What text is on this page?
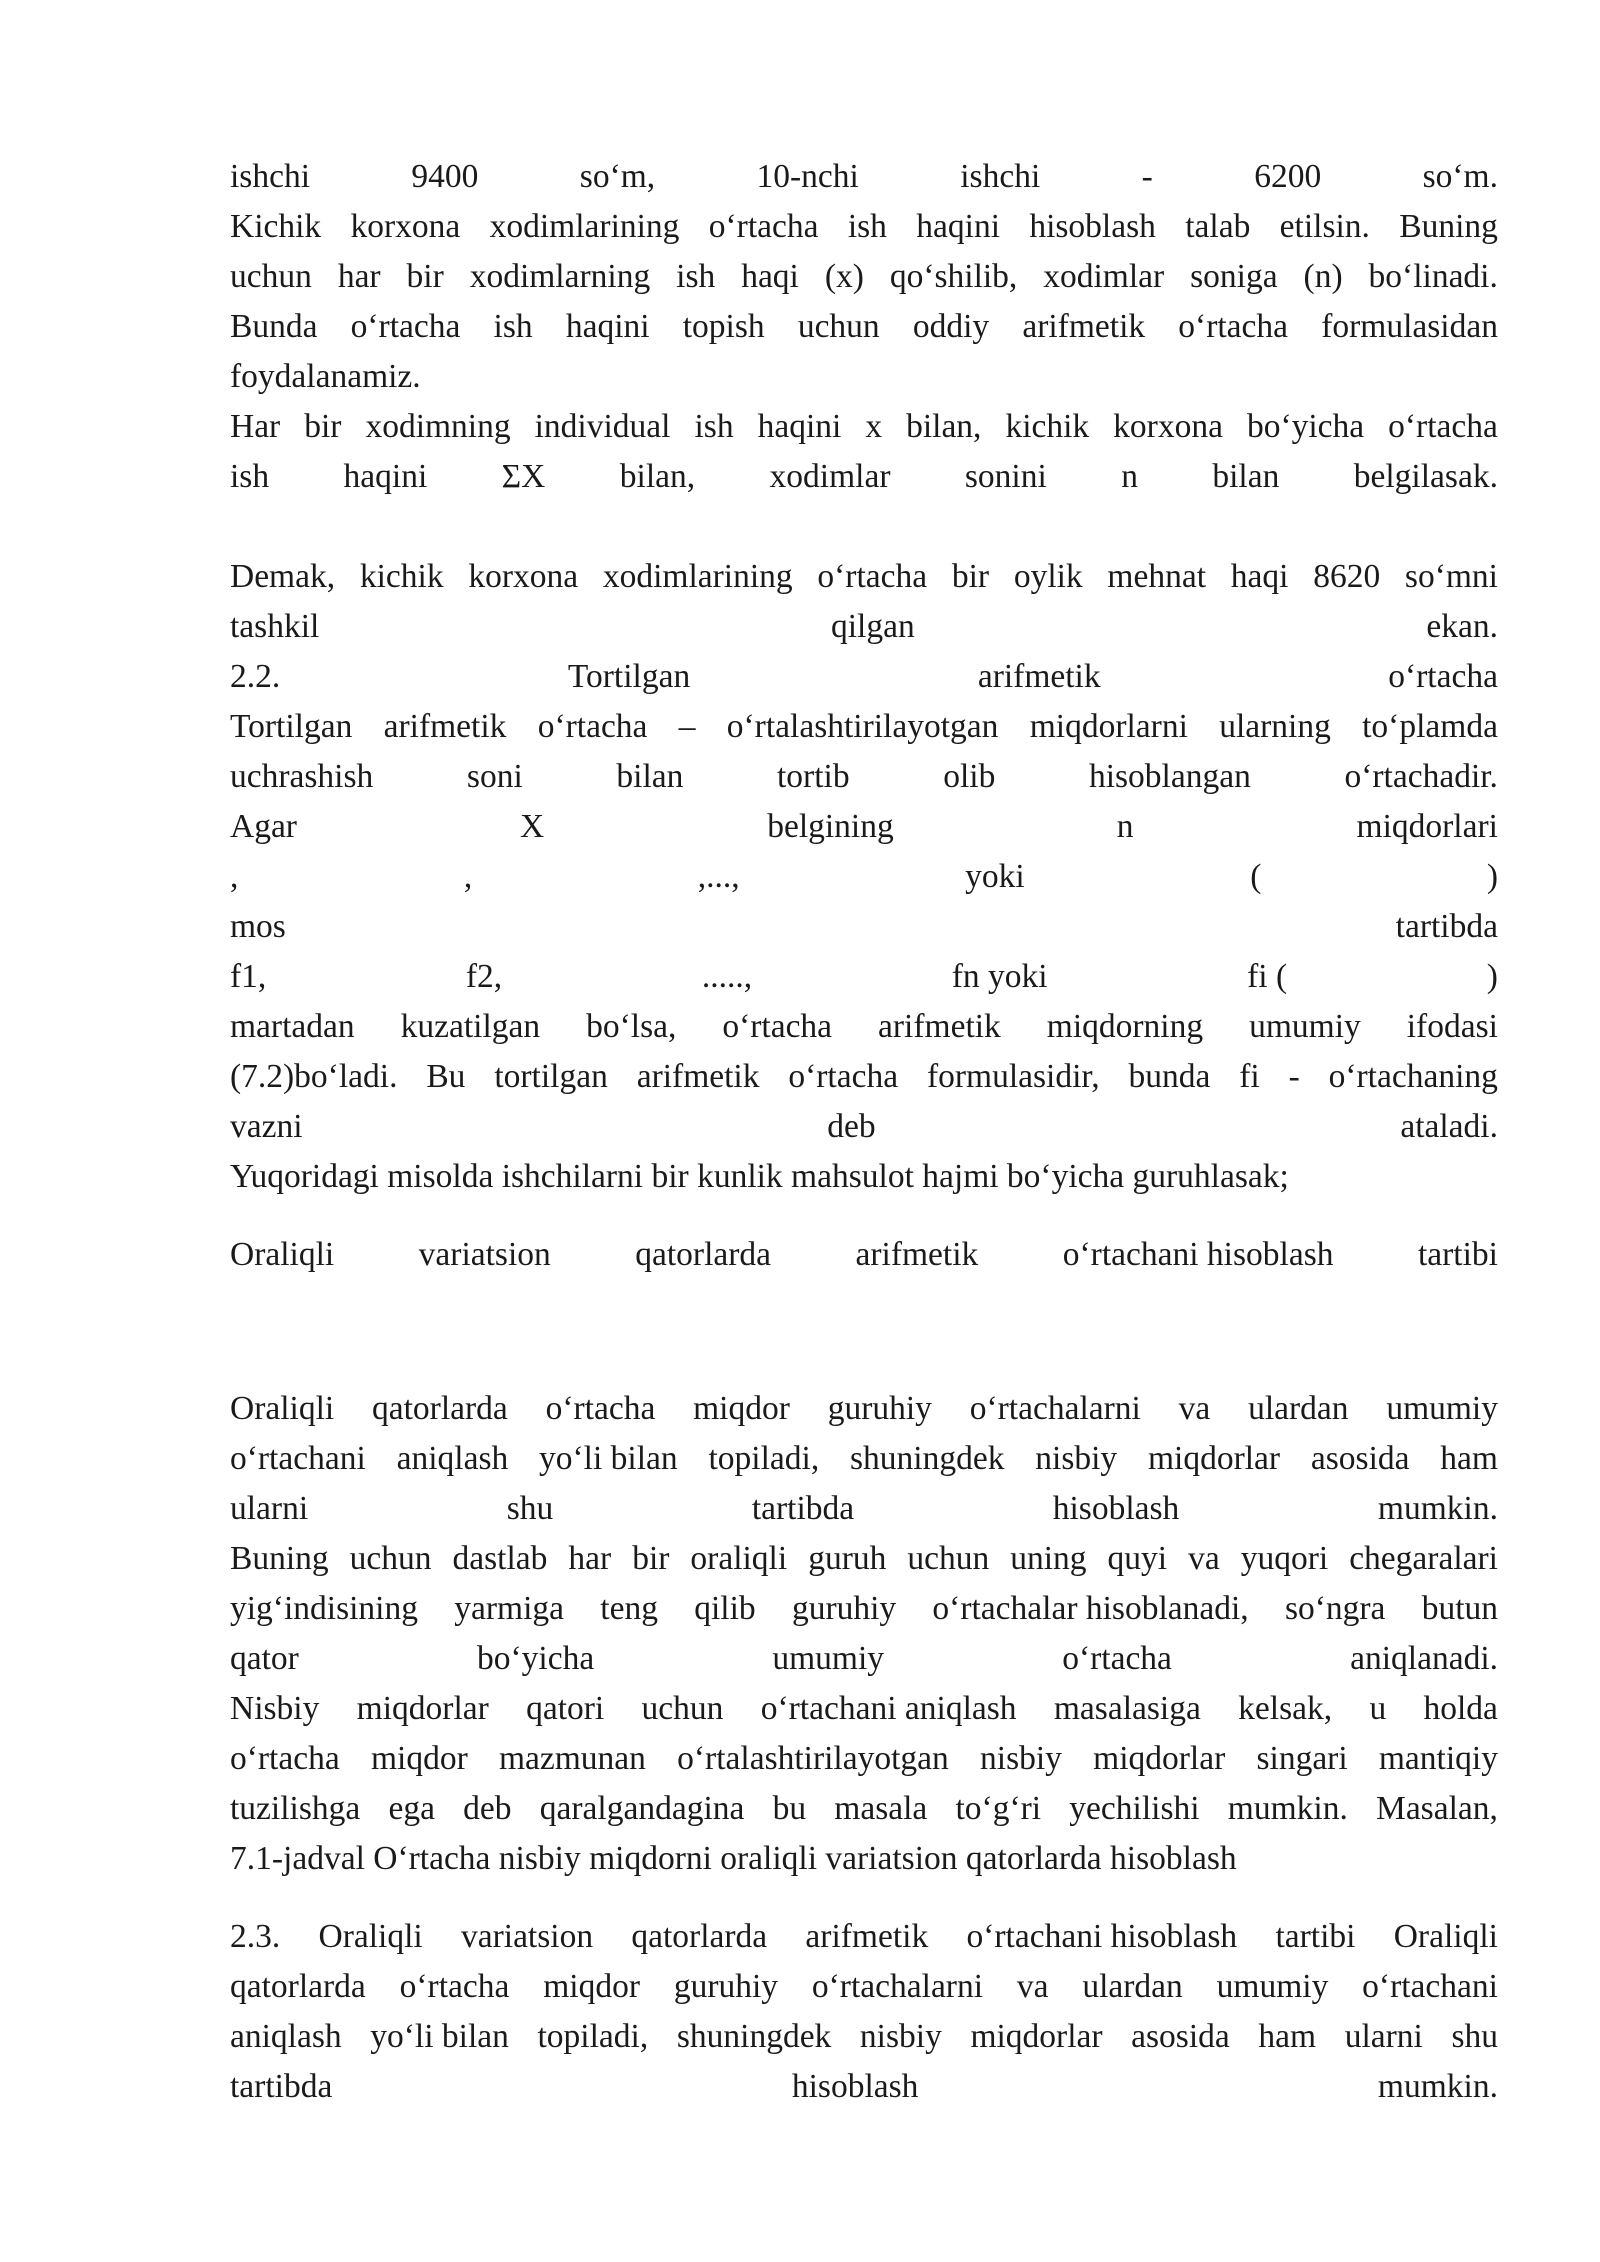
ishchi	9400	so‘m,	10-nchi	ishchi	-	6200	so‘m.
Kichik korxona xodimlarining o‘rtacha ish haqini hisoblash talab etilsin. Buning
uchun har bir xodimlarning ish haqi (x) qo‘shilib, xodimlar soniga (n) bo‘linadi.
Bunda o‘rtacha ish haqini topish uchun oddiy arifmetik o‘rtacha formulasidan
foydalanamiz.
Har bir xodimning individual ish haqini x bilan, kichik korxona bo‘yicha o‘rtacha
ish haqini ΣX bilan, xodimlar sonini n bilan belgilasak.
Demak, kichik korxona xodimlarining o‘rtacha bir oylik mehnat haqi 8620 so‘mni
tashkil	qilgan	ekan.
2.2.	Tortilgan	arifmetik	o‘rtacha
Tortilgan arifmetik o‘rtacha – o‘rtalashtirilayotgan miqdorlarni ularning to‘plamda
uchrashish	soni	bilan	tortib	olib	hisoblangan	o‘rtachadir.
Agar	X	belgining	n	miqdorlari
,	,	,...,	yoki	(	)
mos	tartibda
f1,	f2,	.....,	fn yoki	fi (	)
martadan kuzatilgan bo‘lsa, o‘rtacha arifmetik miqdorning umumiy ifodasi
(7.2)bo‘ladi. Bu tortilgan arifmetik o‘rtacha formulasidir, bunda fi - o‘rtachaning
vazni	deb	ataladi.
Yuqoridagi misolda ishchilarni bir kunlik mahsulot hajmi bo‘yicha guruhlasak;
Oraliqli	variatsion	qatorlarda	arifmetik	o‘rtachani hisoblash	tartibi
Oraliqli qatorlarda o‘rtacha miqdor guruhiy o‘rtachalarni va ulardan umumiy
o‘rtachani aniqlash yo‘li bilan topiladi, shuningdek nisbiy miqdorlar asosida ham
ularni	shu	tartibda	hisoblash	mumkin.
Buning uchun dastlab har bir oraliqli guruh uchun uning quyi va yuqori chegaralari
yig‘indisining yarmiga teng qilib guruhiy o‘rtachalar hisoblanadi, so‘ngra butun
qator	bo‘yicha	umumiy	o‘rtacha	aniqlanadi.
Nisbiy miqdorlar qatori uchun o‘rtachani aniqlash masalasiga kelsak, u holda
o‘rtacha miqdor mazmunan o‘rtalashtirilayotgan nisbiy miqdorlar singari mantiqiy
tuzilishga ega deb qaralgandagina bu masala to‘g‘ri yechilishi mumkin. Masalan,
7.1-jadval O‘rtacha nisbiy miqdorni oraliqli variatsion qatorlarda hisoblash
2.3. Oraliqli variatsion qatorlarda arifmetik o‘rtachani hisoblash tartibi Oraliqli
qatorlarda o‘rtacha miqdor guruhiy o‘rtachalarni va ulardan umumiy o‘rtachani
aniqlash yo‘li bilan topiladi, shuningdek nisbiy miqdorlar asosida ham ularni shu
tartibda	hisoblash	mumkin.
